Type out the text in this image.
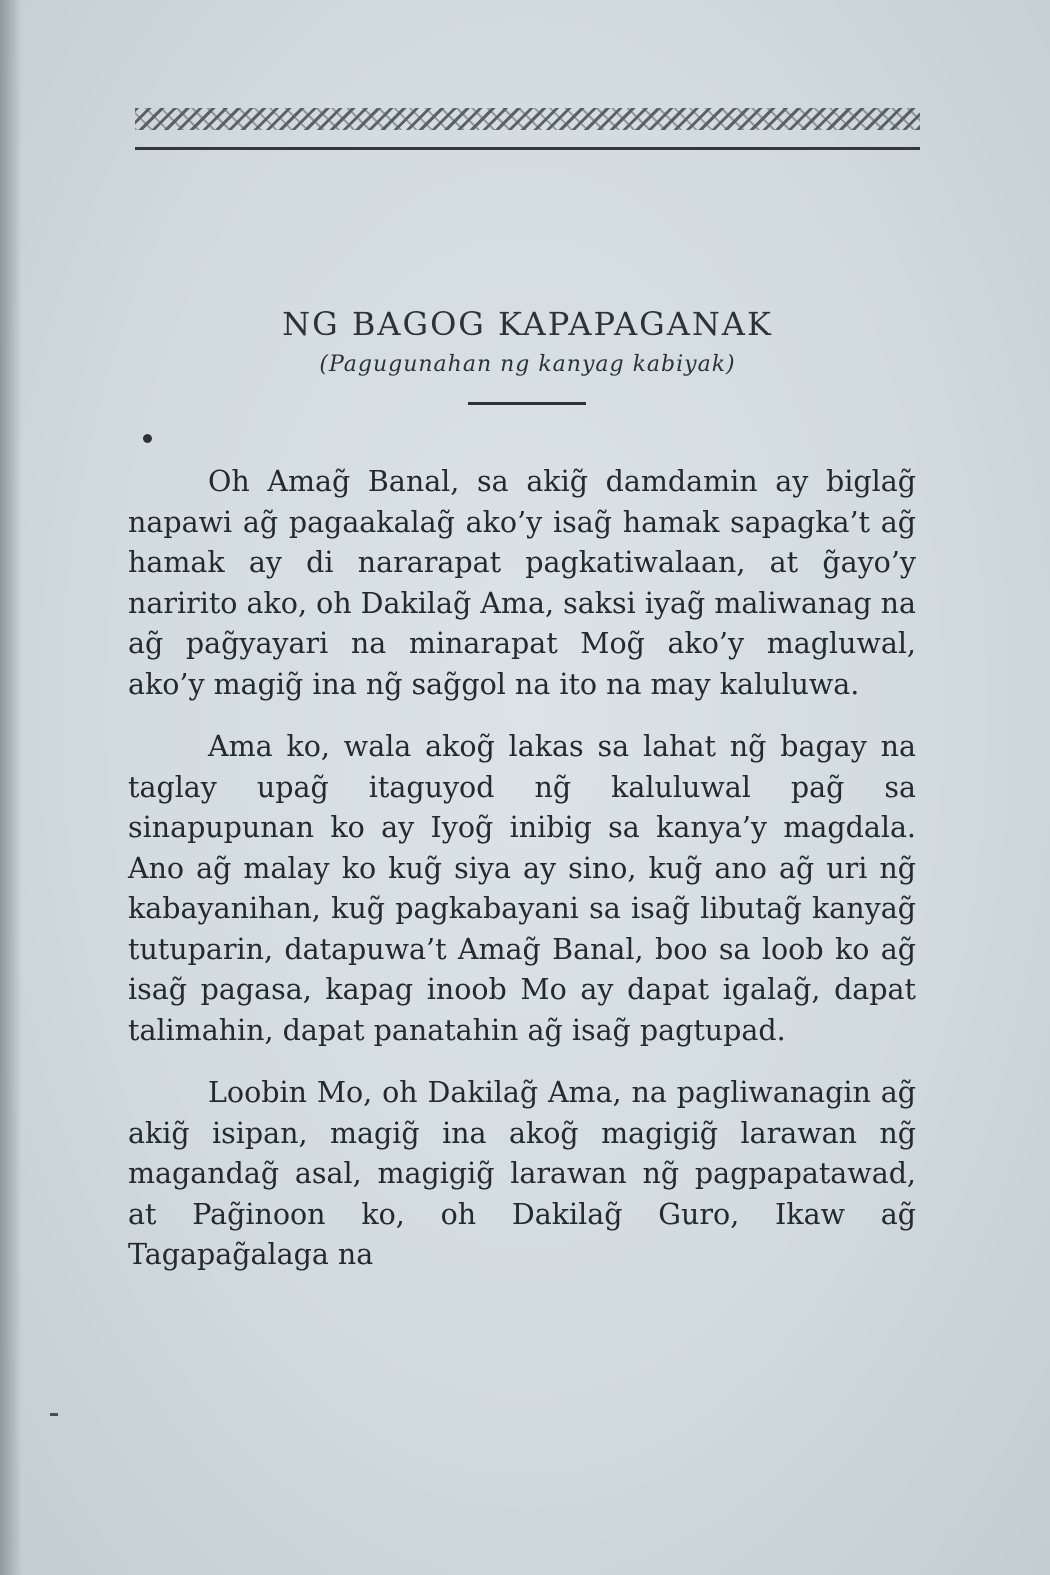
NG BAGOG KAPAPAGANAK
(Pagugunahan ng kanyag kabiyak)

Oh Amag̃ Banal, sa akig̃ damdamin ay biglag̃ napawi ag̃ pagaakalag̃ ako’y isag̃ hamak sapagka’t ag̃ hamak ay di nararapat pagkatiwalaan, at g̃ayo’y naririto ako, oh Dakilag̃ Ama, saksi iyag̃ maliwanag na ag̃ pag̃yayari na minarapat Mog̃ ako’y magluwal, ako’y magig̃ ina ng̃ sag̃gol na ito na may kaluluwa.

Ama ko, wala akog̃ lakas sa lahat ng̃ bagay na taglay upag̃ itaguyod ng̃ kaluluwal pag̃ sa sinapupunan ko ay Iyog̃ inibig sa kanya’y magdala. Ano ag̃ malay ko kug̃ siya ay sino, kug̃ ano ag̃ uri ng̃ kabayanihan, kug̃ pagkabayani sa isag̃ libutag̃ kanyag̃ tutuparin, datapuwa’t Amag̃ Banal, boo sa loob ko ag̃ isag̃ pagasa, kapag inoob Mo ay dapat igalag̃, dapat talimahin, dapat panatahin ag̃ isag̃ pagtupad.

Loobin Mo, oh Dakilag̃ Ama, na pagliwanagin ag̃ akig̃ isipan, magig̃ ina akog̃ magigig̃ larawan ng̃ magandag̃ asal, magigig̃ larawan ng̃ pagpapatawad, at Pag̃inoon ko, oh Dakilag̃ Guro, Ikaw ag̃ Tagapag̃alaga na
